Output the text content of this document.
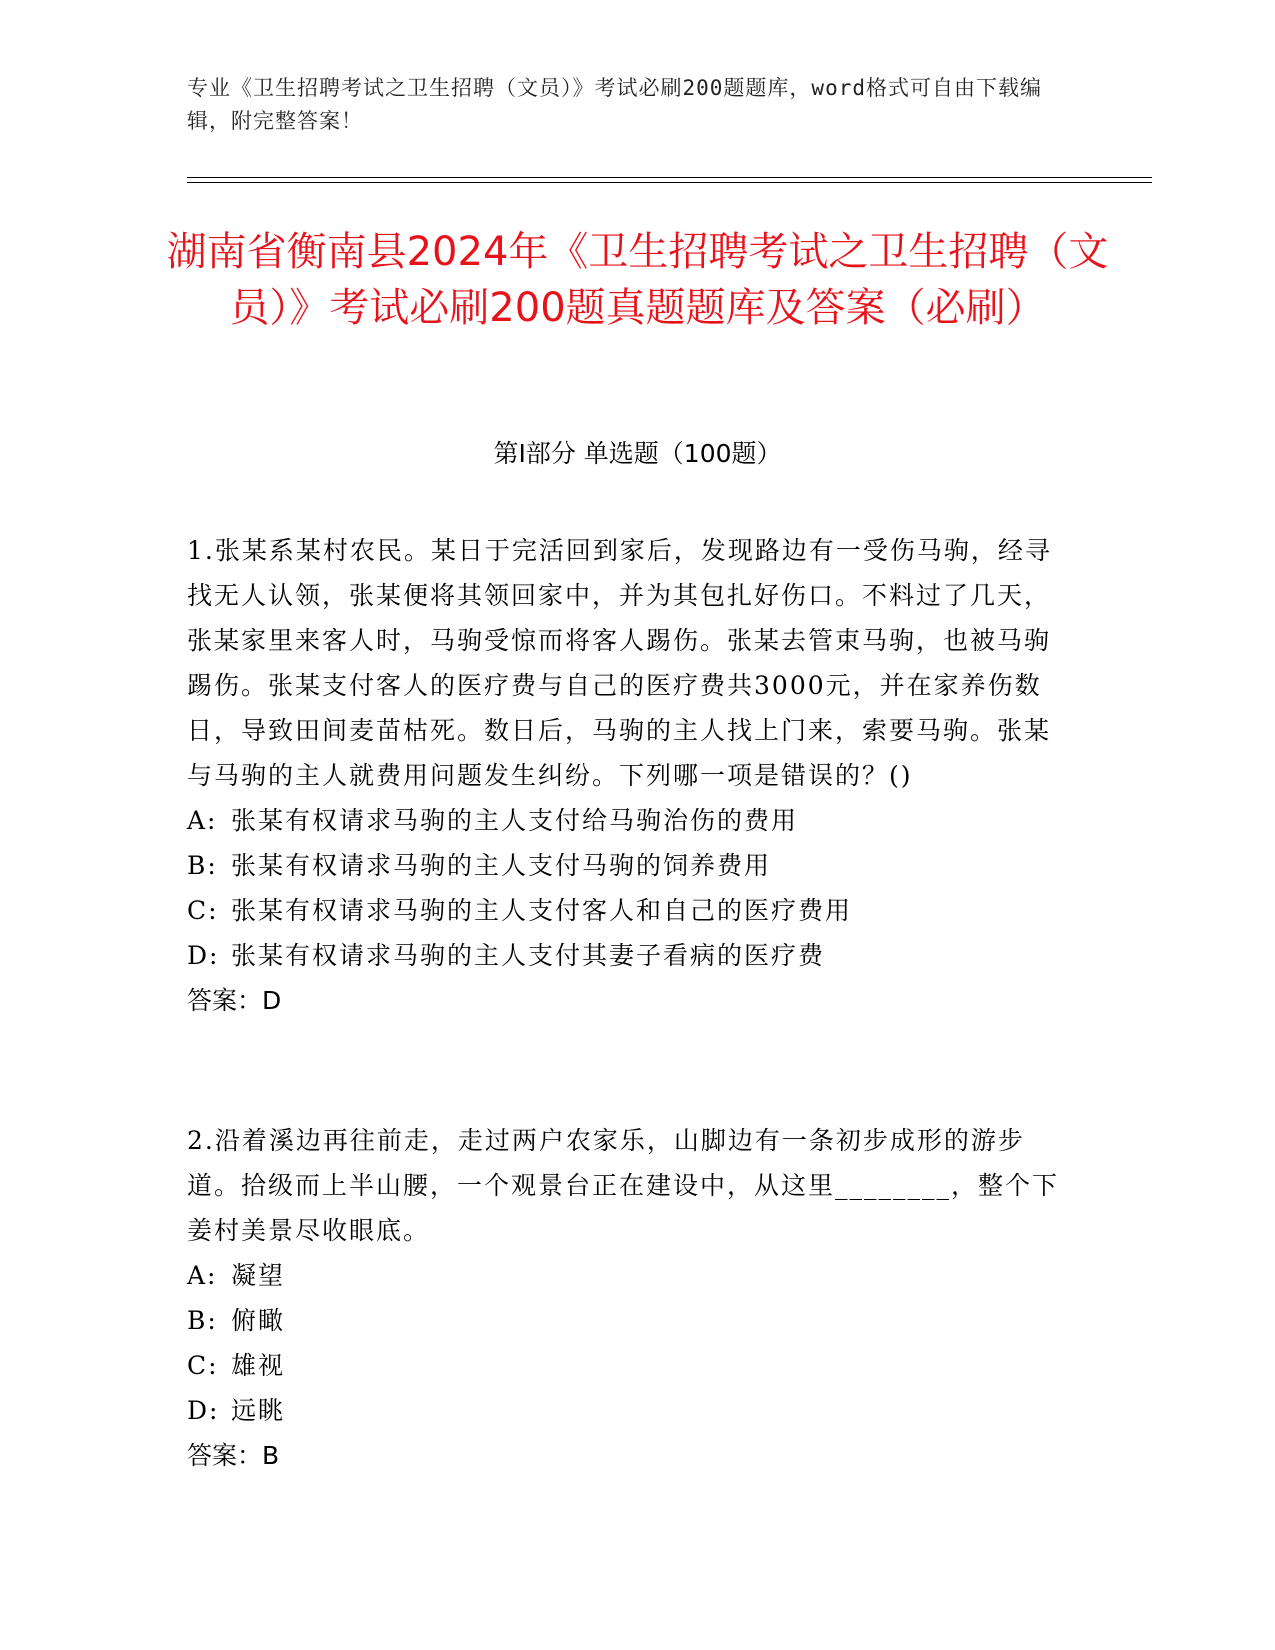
专业《卫生招聘考试之卫生招聘（文员）》考试必刷200题题库，word格式可自由下载编辑，附完整答案！
湖南省衡南县2024年《卫生招聘考试之卫生招聘（文员）》考试必刷200题真题题库及答案（必刷）
第I部分 单选题（100题）

1.张某系某村农民。某日于完活回到家后，发现路边有一受伤马驹，经寻找无人认领，张某便将其领回家中，并为其包扎好伤口。不料过了几天，张某家里来客人时，马驹受惊而将客人踢伤。张某去管束马驹，也被马驹踢伤。张某支付客人的医疗费与自己的医疗费共3000元，并在家养伤数日，导致田间麦苗枯死。数日后，马驹的主人找上门来，索要马驹。张某与马驹的主人就费用问题发生纠纷。下列哪一项是错误的？()

A: 张某有权请求马驹的主人支付给马驹治伤的费用

B: 张某有权请求马驹的主人支付马驹的饲养费用

C: 张某有权请求马驹的主人支付客人和自己的医疗费用

D: 张某有权请求马驹的主人支付其妻子看病的医疗费

答案：D

2.沿着溪边再往前走，走过两户农家乐，山脚边有一条初步成形的游步道。拾级而上半山腰，一个观景台正在建设中，从这里________，整个下姜村美景尽收眼底。

A: 凝望

B: 俯瞰

C: 雄视

D: 远眺

答案：B
